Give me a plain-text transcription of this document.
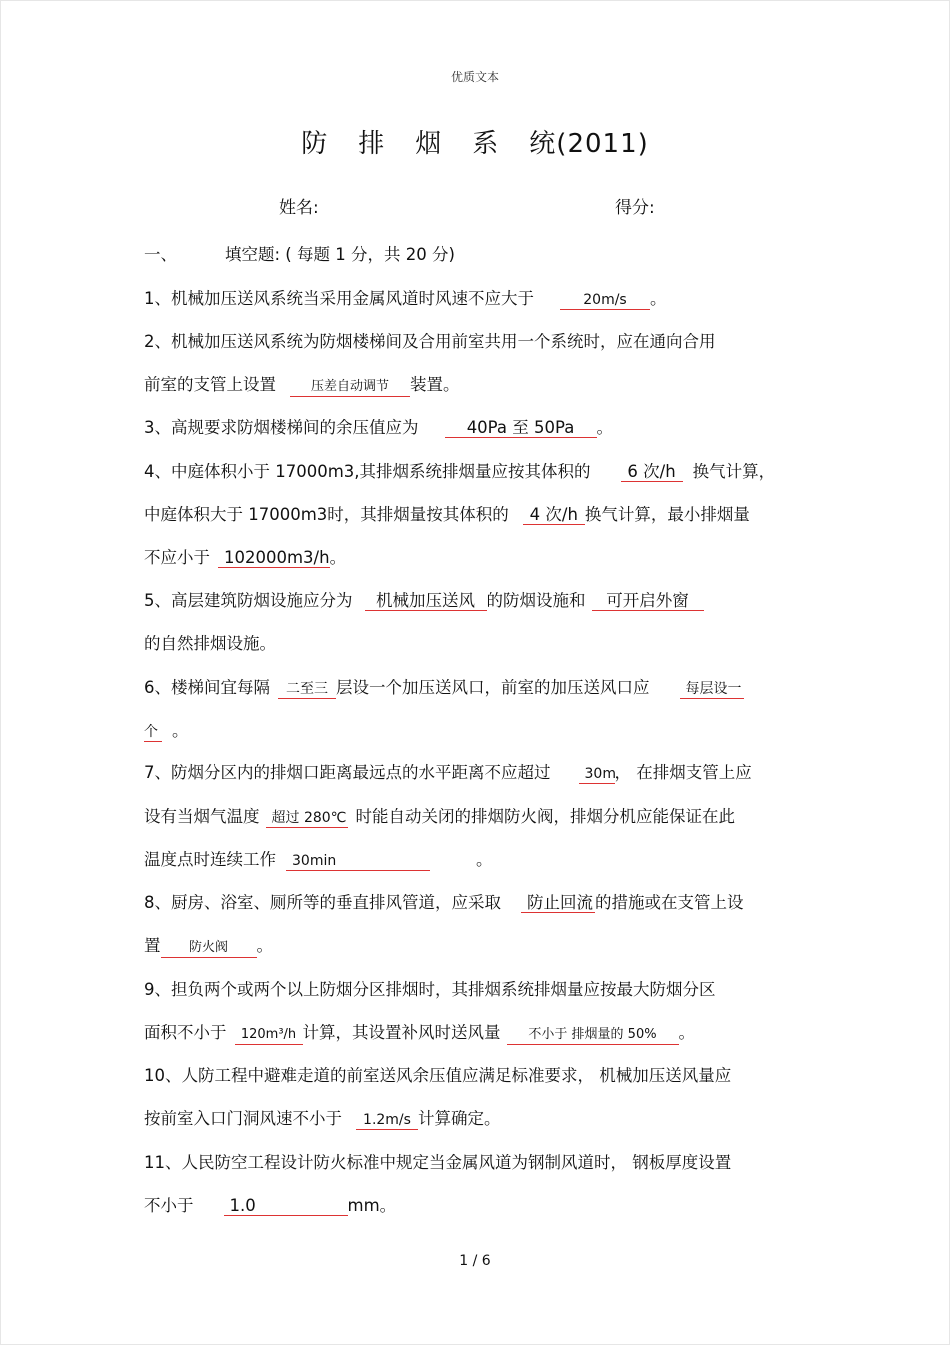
优质文本
防 排 烟 系 统(2011)
姓名:	得分:
一、	填空题: ( 每题 1 分，共 20 分)
1、机械加压送风系统当采用金属风道时风速不应大于	20m/s 。
2、机械加压送风系统为防烟楼梯间及合用前室共用一个系统时，应在通向合用
前室的支管上设置	压差自动调节 装置。
3、高规要求防烟楼梯间的余压值应为	40Pa 至 50Pa 。
4、中庭体积小于 17000m3,其排烟系统排烟量应按其体积的 6 次/h 换气计算，
中庭体积大于 17000m3时，其排烟量按其体积的 4 次/h 换气计算，最小排烟量
不应小于 102000m3/h。
5、高层建筑防烟设施应分为 机械加压送风 的防烟设施和 可开启外窗
的自然排烟设施。
6、楼梯间宜每隔 二至三 层设一个加压送风口，前室的加压送风口应	每层设一
个 。
7、防烟分区内的排烟口距离最远点的水平距离不应超过 30m， 在排烟支管上应
设有当烟气温度 超过 280℃ 时能自动关闭的排烟防火阀，排烟分机应能保证在此
温度点时连续工作 30min	。
8、厨房、浴室、厕所等的垂直排风管道，应采取 防止回流 的措施或在支管上设
置 防火阀 。
9、担负两个或两个以上防烟分区排烟时，其排烟系统排烟量应按最大防烟分区
面积不小于 120m³/h 计算，其设置补风时送风量 不小于 排烟量的 50% 。
10、人防工程中避难走道的前室送风余压值应满足标准要求， 机械加压送风量应
按前室入口门洞风速不小于 1.2m/s 计算确定。
11、人民防空工程设计防火标准中规定当金属风道为钢制风道时， 钢板厚度设置
不小于 1.0	mm。
1 / 6
